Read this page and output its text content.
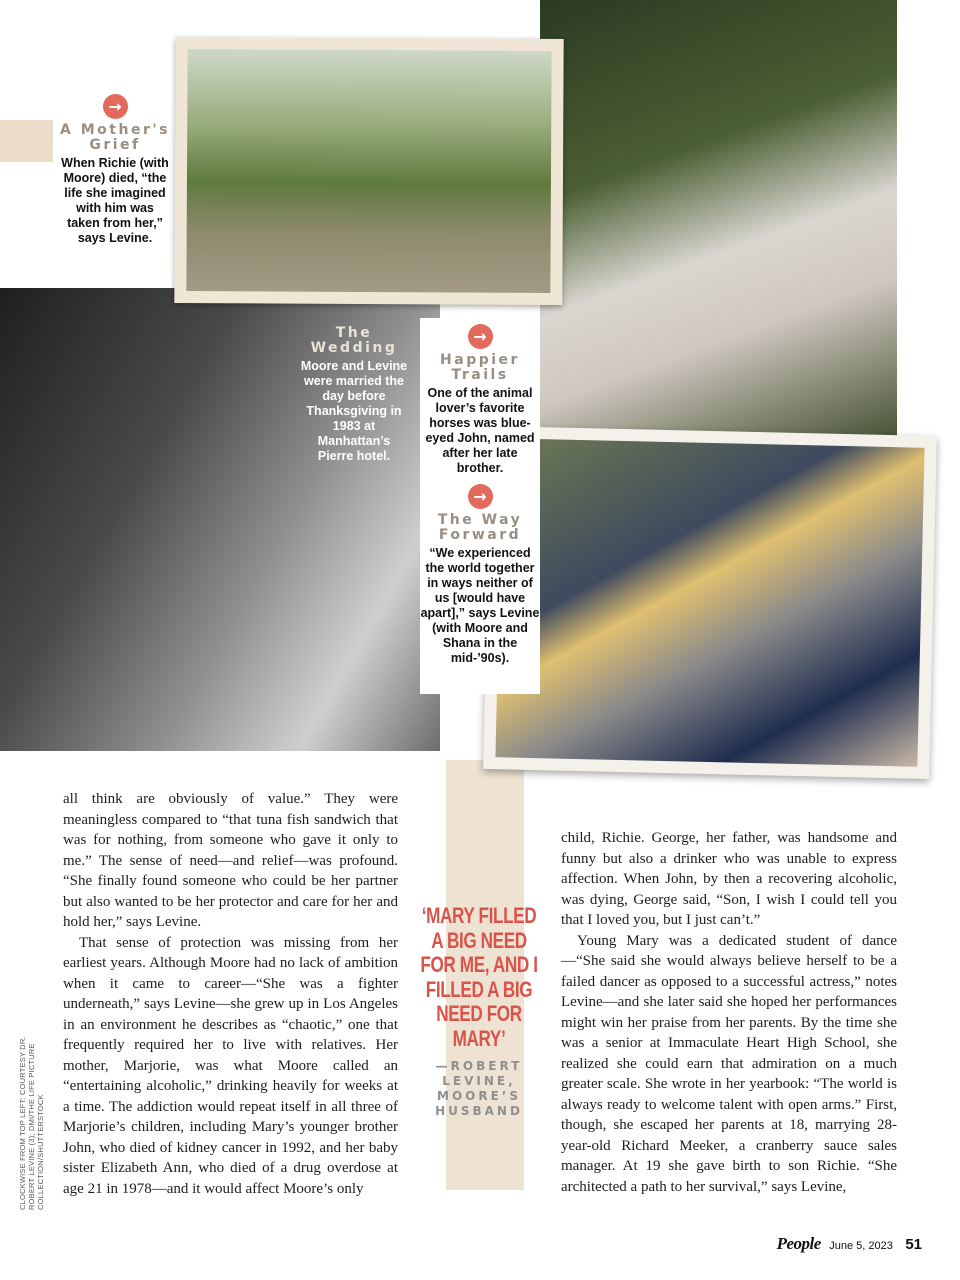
→
A Mother's Grief
When Richie (with Moore) died, “the life she imagined with him was taken from her,” says Levine.
The Wedding
Moore and Levine were married the day before Thanksgiving in 1983 at Manhattan’s Pierre hotel.
→
Happier Trails
One of the animal lover’s favorite horses was blue-eyed John, named after her late brother.
→
The Way Forward
“We experienced the world together in ways neither of us [would have apart],” says Levine (with Moore and Shana in the mid-’90s).

all think are obviously of value.” They were meaningless compared to “that tuna fish sandwich that was for nothing, from someone who gave it only to me.” The sense of need—and relief—was profound. “She finally found someone who could be her partner but also wanted to be her protector and care for her and hold her,” says Levine.

That sense of protection was missing from her earliest years. Although Moore had no lack of ambition when it came to career—“She was a fighter underneath,” says Levine—she grew up in Los Angeles in an environment he describes as “chaotic,” one that frequently required her to live with relatives. Her mother, Marjorie, was what Moore called an “entertaining alcoholic,” drinking heavily for weeks at a time. The addiction would repeat itself in all three of Marjorie’s children, including Mary’s younger brother John, who died of kidney cancer in 1992, and her baby sister Elizabeth Ann, who died of a drug overdose at age 21 in 1978—and it would affect Moore’s only

child, Richie. George, her father, was handsome and funny but also a drinker who was unable to express affection. When John, by then a recovering alcoholic, was dying, George said, “Son, I wish I could tell you that I loved you, but I just can’t.”

Young Mary was a dedicated student of dance—“She said she would always believe herself to be a failed dancer as opposed to a successful actress,” notes Levine—and she later said she hoped her performances might win her praise from her parents. By the time she was a senior at Immaculate Heart High School, she realized she could earn that admiration on a much greater scale. She wrote in her yearbook: “The world is always ready to welcome talent with open arms.” First, though, she escaped her parents at 18, marrying 28-year-old Richard Meeker, a cranberry sauce sales manager. At 19 she gave birth to son Richie. “She architected a path to her survival,” says Levine,

‘MARY FILLED A BIG NEED FOR ME, AND I FILLED A BIG NEED FOR MARY’
—ROBERT LEVINE, MOORE’S HUSBAND
CLOCKWISE FROM TOP LEFT: COURTESY DR. ROBERT LEVINE (3); DMI/THE LIFE PICTURE COLLECTION/SHUTTERSTOCK
People June 5, 2023 51
